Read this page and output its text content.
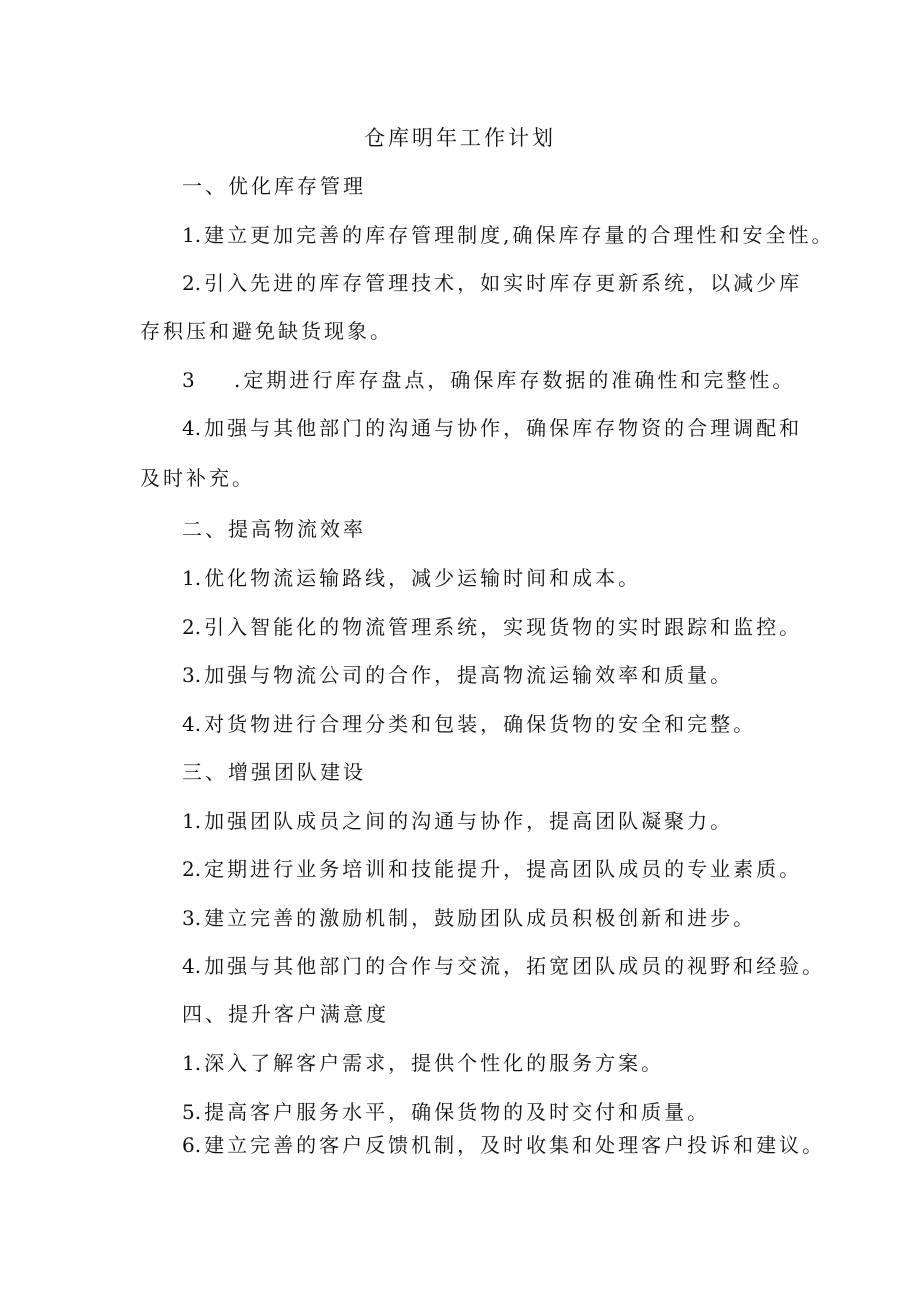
仓库明年工作计划
一、优化库存管理
1.建立更加完善的库存管理制度,确保库存量的合理性和安全性。
2.引入先进的库存管理技术，如实时库存更新系统，以减少库
存积压和避免缺货现象。
3 .定期进行库存盘点，确保库存数据的准确性和完整性。
4.加强与其他部门的沟通与协作，确保库存物资的合理调配和
及时补充。
二、提高物流效率
1.优化物流运输路线，减少运输时间和成本。
2.引入智能化的物流管理系统，实现货物的实时跟踪和监控。
3.加强与物流公司的合作，提高物流运输效率和质量。
4.对货物进行合理分类和包装，确保货物的安全和完整。
三、增强团队建设
1.加强团队成员之间的沟通与协作，提高团队凝聚力。
2.定期进行业务培训和技能提升，提高团队成员的专业素质。
3.建立完善的激励机制，鼓励团队成员积极创新和进步。
4.加强与其他部门的合作与交流，拓宽团队成员的视野和经验。
四、提升客户满意度
1.深入了解客户需求，提供个性化的服务方案。
5.提高客户服务水平，确保货物的及时交付和质量。
6.建立完善的客户反馈机制，及时收集和处理客户投诉和建议。
